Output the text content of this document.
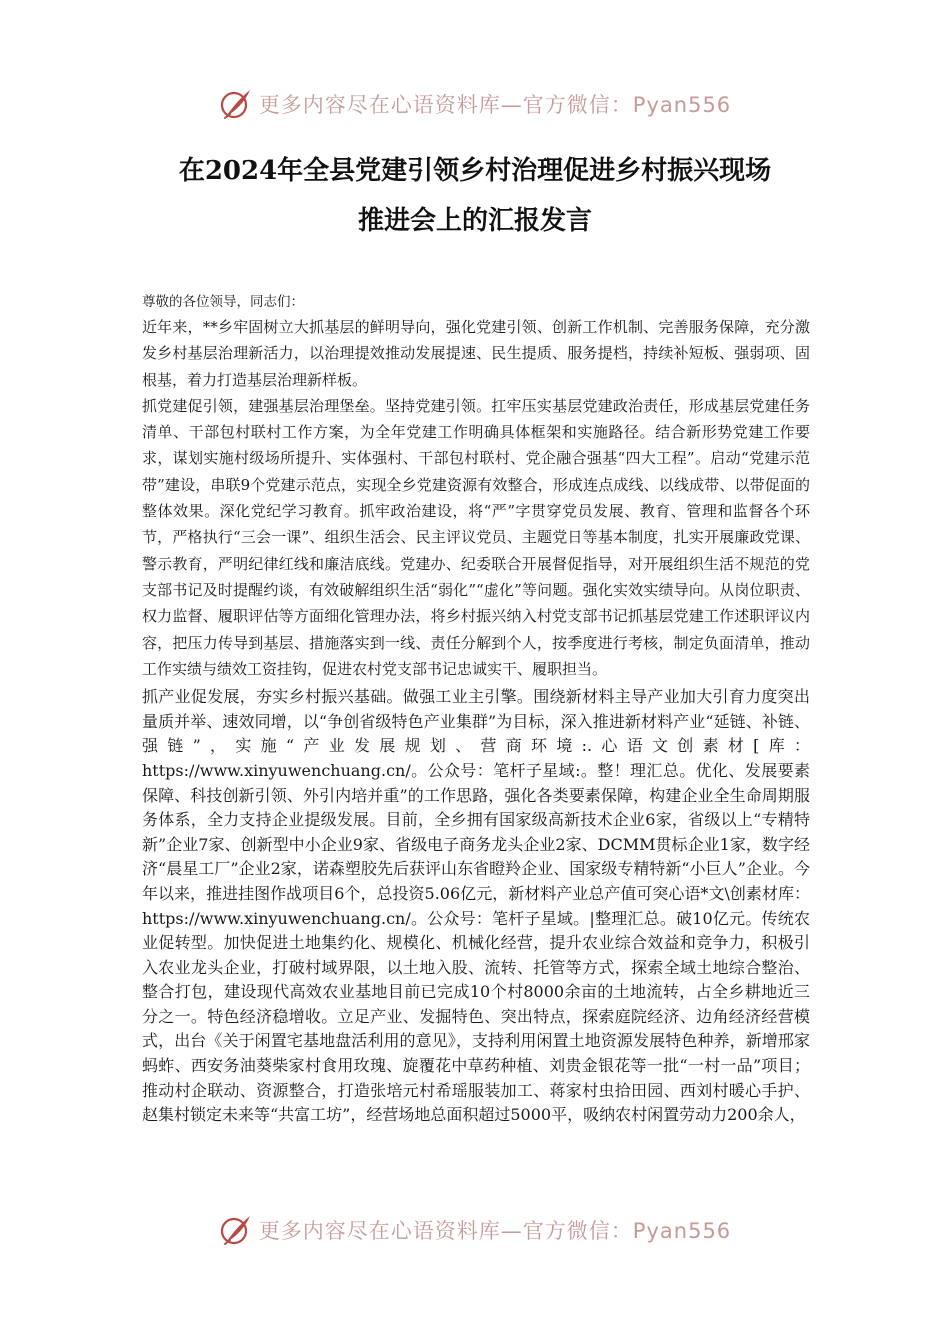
更多内容尽在心语资料库—官方微信：Pyan556
在2024年全县党建引领乡村治理促进乡村振兴现场
推进会上的汇报发言

尊敬的各位领导，同志们：

近年来，**乡牢固树立大抓基层的鲜明导向，强化党建引领、创新工作机制、完善服务保障，充分激发乡村基层治理新活力，以治理提效推动发展提速、民生提质、服务提档，持续补短板、强弱项、固根基，着力打造基层治理新样板。

抓党建促引领，建强基层治理堡垒。坚持党建引领。扛牢压实基层党建政治责任，形成基层党建任务清单、干部包村联村工作方案，为全年党建工作明确具体框架和实施路径。结合新形势党建工作要求，谋划实施村级场所提升、实体强村、干部包村联村、党企融合强基“四大工程”。启动“党建示范带”建设，串联9个党建示范点，实现全乡党建资源有效整合，形成连点成线、以线成带、以带促面的整体效果。深化党纪学习教育。抓牢政治建设，将“严”字贯穿党员发展、教育、管理和监督各个环节，严格执行“三会一课”、组织生活会、民主评议党员、主题党日等基本制度，扎实开展廉政党课、警示教育，严明纪律红线和廉洁底线。党建办、纪委联合开展督促指导，对开展组织生活不规范的党支部书记及时提醒约谈，有效破解组织生活“弱化”“虚化”等问题。强化实效实绩导向。从岗位职责、权力监督、履职评估等方面细化管理办法，将乡村振兴纳入村党支部书记抓基层党建工作述职评议内容，把压力传导到基层、措施落实到一线、责任分解到个人，按季度进行考核，制定负面清单，推动工作实绩与绩效工资挂钩，促进农村党支部书记忠诚实干、履职担当。

抓产业促发展，夯实乡村振兴基础。做强工业主引擎。围绕新材料主导产业加大引育力度突出量质并举、速效同增，以“争创省级特色产业集群”为目标，深入推进新材料产业“延链、补链、强链”，实施“产业发展规划、营商环境:.心语文创素材[库：https://www.xinyuwenchuang.cn/。公众号：笔杆子星域:。整！理汇总。优化、发展要素保障、科技创新引领、外引内培并重”的工作思路，强化各类要素保障，构建企业全生命周期服务体系，全力支持企业提级发展。目前，全乡拥有国家级高新技术企业6家，省级以上“专精特新”企业7家、创新型中小企业9家、省级电子商务龙头企业2家、DCMM贯标企业1家，数字经济“晨星工厂”企业2家，诺森塑胶先后获评山东省瞪羚企业、国家级专精特新“小巨人”企业。今年以来，推进挂图作战项目6个，总投资5.06亿元，新材料产业总产值可突心语*文\创素材库：https://www.xinyuwenchuang.cn/。公众号：笔杆子星域。|整理汇总。破10亿元。传统农业促转型。加快促进土地集约化、规模化、机械化经营，提升农业综合效益和竞争力，积极引入农业龙头企业，打破村域界限，以土地入股、流转、托管等方式，探索全域土地综合整治、整合打包，建设现代高效农业基地目前已完成10个村8000余亩的土地流转，占全乡耕地近三分之一。特色经济稳增收。立足产业、发掘特色、突出特点，探索庭院经济、边角经济经营模式，出台《关于闲置宅基地盘活利用的意见》，支持利用闲置土地资源发展特色种养，新增邢家蚂蚱、西安务油葵柴家村食用玫瑰、旋覆花中草药种植、刘贵金银花等一批“一村一品”项目；推动村企联动、资源整合，打造张培元村希瑶服装加工、蒋家村虫拾田园、西刘村暖心手护、赵集村锁定未来等“共富工坊”，经营场地总面积超过5000平，吸纳农村闲置劳动力200余人，

更多内容尽在心语资料库—官方微信：Pyan556
